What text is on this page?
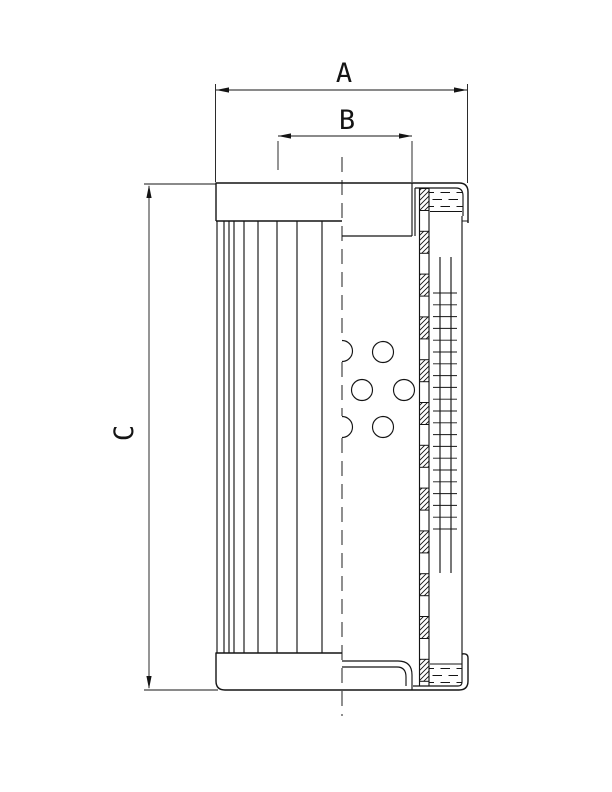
A
B
C
